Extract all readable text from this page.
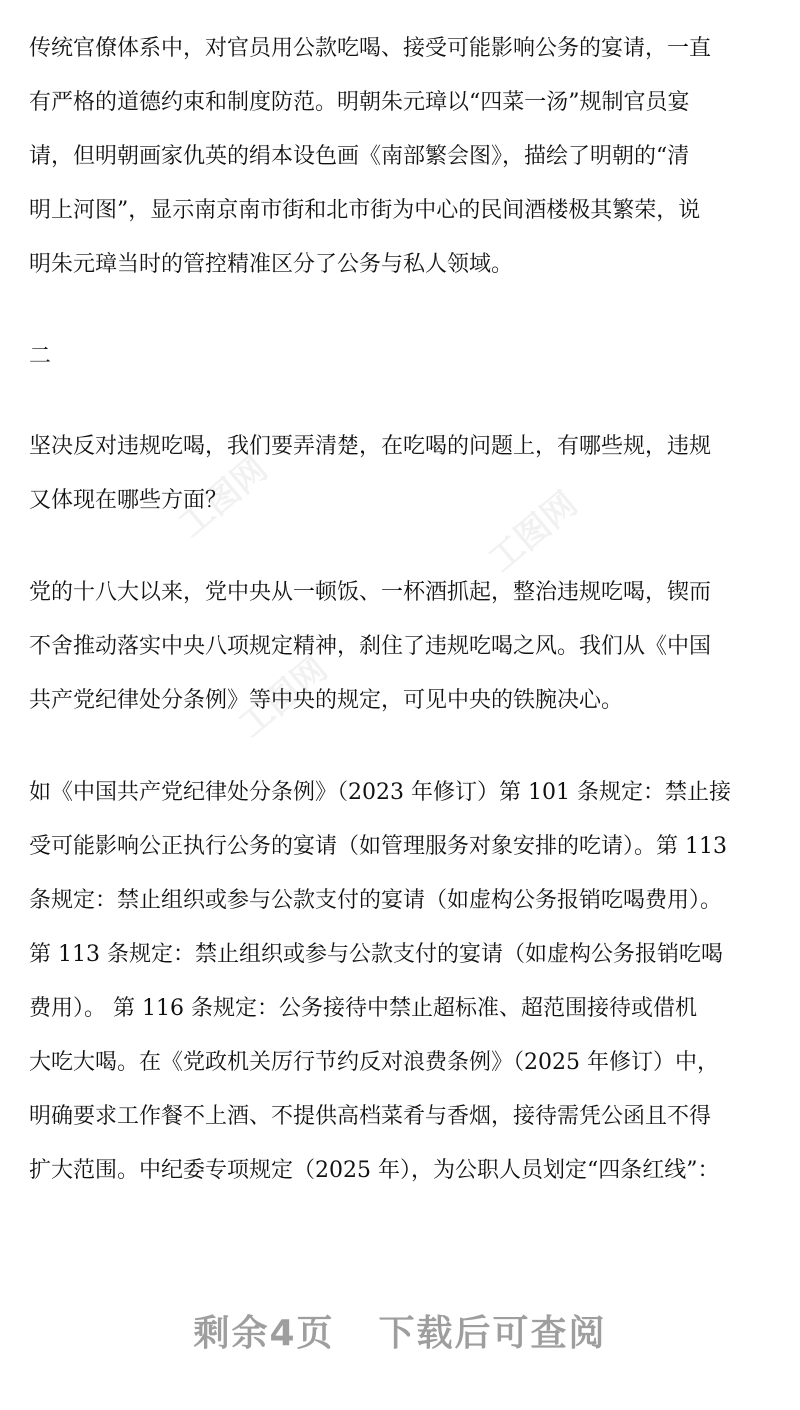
工图网	工图网
工图网
传统官僚体系中，对官员用公款吃喝、接受可能影响公务的宴请，一直
有严格的道德约束和制度防范。明朝朱元璋以“四菜一汤”规制官员宴
请，但明朝画家仇英的绢本设色画《南部繁会图》，描绘了明朝的“清
明上河图”，显示南京南市街和北市街为中心的民间酒楼极其繁荣，说
明朱元璋当时的管控精准区分了公务与私人领域。
二
坚决反对违规吃喝，我们要弄清楚，在吃喝的问题上，有哪些规，违规
又体现在哪些方面？
党的十八大以来，党中央从一顿饭、一杯酒抓起，整治违规吃喝，锲而
不舍推动落实中央八项规定精神，刹住了违规吃喝之风。我们从《中国
共产党纪律处分条例》等中央的规定，可见中央的铁腕决心。
如《中国共产党纪律处分条例》（2023 年修订）第 101 条规定：禁止接
受可能影响公正执行公务的宴请（如管理服务对象安排的吃请）。第 113
条规定：禁止组织或参与公款支付的宴请（如虚构公务报销吃喝费用）。
第 113 条规定：禁止组织或参与公款支付的宴请（如虚构公务报销吃喝
费用）。 第 116 条规定：公务接待中禁止超标准、超范围接待或借机
大吃大喝。在《党政机关厉行节约反对浪费条例》（2025 年修订）中，
明确要求工作餐不上酒、不提供高档菜肴与香烟，接待需凭公函且不得
扩大范围。中纪委专项规定（2025 年），为公职人员划定“四条红线”：
剩余4页 下载后可查阅
